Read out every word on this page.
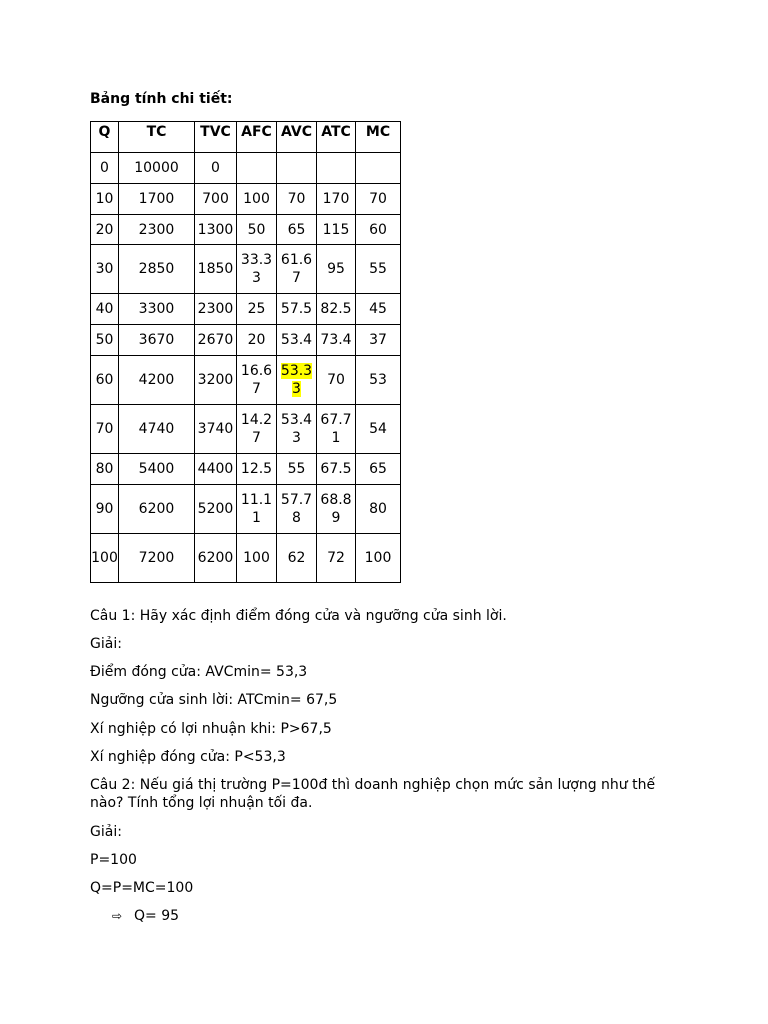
Bảng tính chi tiết:
Q	TC	TVC	AFC	AVC	ATC	MC
0	10000	0				
10	1700	700	100	70	170	70
20	2300	1300	50	65	115	60
30	2850	1850	33.33	61.67	95	55
40	3300	2300	25	57.5	82.5	45
50	3670	2670	20	53.4	73.4	37
60	4200	3200	16.67	53.33	70	53
70	4740	3740	14.27	53.43	67.71	54
80	5400	4400	12.5	55	67.5	65
90	6200	5200	11.11	57.78	68.89	80
100	7200	6200	100	62	72	100
Câu 1: Hãy xác định điểm đóng cửa và ngưỡng cửa sinh lời.
Giải:
Điểm đóng cửa: AVCmin= 53,3
Ngưỡng cửa sinh lời: ATCmin= 67,5
Xí nghiệp có lợi nhuận khi: P>67,5
Xí nghiệp đóng cửa: P<53,3
Câu 2: Nếu giá thị trường P=100đ thì doanh nghiệp chọn mức sản lượng như thế nào? Tính tổng lợi nhuận tối đa.
Giải:
P=100
Q=P=MC=100
⇨ Q= 95
